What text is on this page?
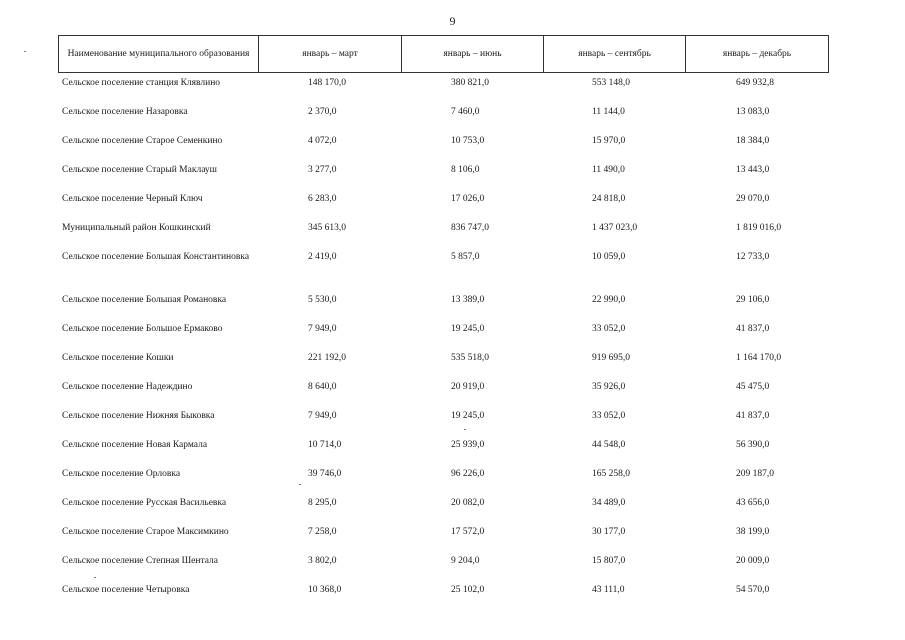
9
Наименование муниципального образования	январь – март	январь – июнь	январь – сентябрь	январь – декабрь
Сельское поселение станция Клявлино	148 170,0	380 821,0	553 148,0	649 932,8
Сельское поселение Назаровка	2 370,0	7 460,0	11 144,0	13 083,0
Сельское поселение Старое Семенкино	4 072,0	10 753,0	15 970,0	18 384,0
Сельское поселение Старый Маклауш	3 277,0	8 106,0	11 490,0	13 443,0
Сельское поселение Черный Ключ	6 283,0	17 026,0	24 818,0	29 070,0
Муниципальный район Кошкинский	345 613,0	836 747,0	1 437 023,0	1 819 016,0
Сельское поселение Большая Константиновка	2 419,0	5 857,0	10 059,0	12 733,0
Сельское поселение Большая Романовка	5 530,0	13 389,0	22 990,0	29 106,0
Сельское поселение Большое Ермаково	7 949,0	19 245,0	33 052,0	41 837,0
Сельское поселение Кошки	221 192,0	535 518,0	919 695,0	1 164 170,0
Сельское поселение Надеждино	8 640,0	20 919,0	35 926,0	45 475,0
Сельское поселение Нижняя Быковка	7 949,0	19 245,0	33 052,0	41 837,0
Сельское поселение Новая Кармала	10 714,0	25 939,0	44 548,0	56 390,0
Сельское поселение Орловка	39 746,0	96 226,0	165 258,0	209 187,0
Сельское поселение Русская Васильевка	8 295,0	20 082,0	34 489,0	43 656,0
Сельское поселение Старое Максимкино	7 258,0	17 572,0	30 177,0	38 199,0
Сельское поселение Степная Шентала	3 802,0	9 204,0	15 807,0	20 009,0
Сельское поселение Четыровка	10 368,0	25 102,0	43 111,0	54 570,0
